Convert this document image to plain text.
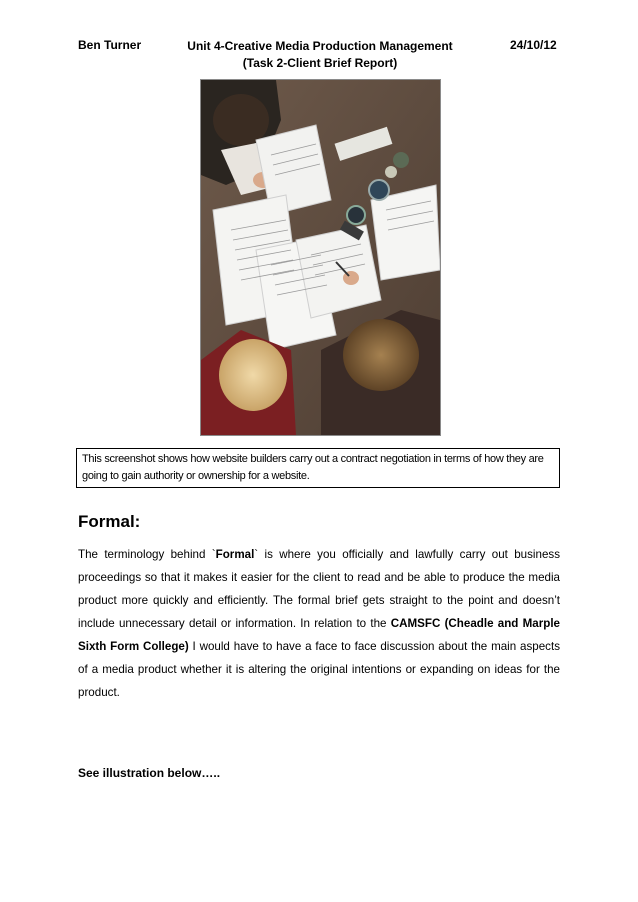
Ben Turner	Unit 4-Creative Media Production Management
(Task 2-Client Brief Report)
24/10/12
This screenshot shows how website builders carry out a contract negotiation in terms of how they are going to gain authority or ownership for a website.
Formal:

The terminology behind `Formal` is where you officially and lawfully carry out business proceedings so that it makes it easier for the client to read and be able to produce the media product more quickly and efficiently. The formal brief gets straight to the point and doesn’t include unnecessary detail or information. In relation to the CAMSFC (Cheadle and Marple Sixth Form College) I would have to have a face to face discussion about the main aspects of a media product whether it is altering the original intentions or expanding on ideas for the product.

See illustration below…..
